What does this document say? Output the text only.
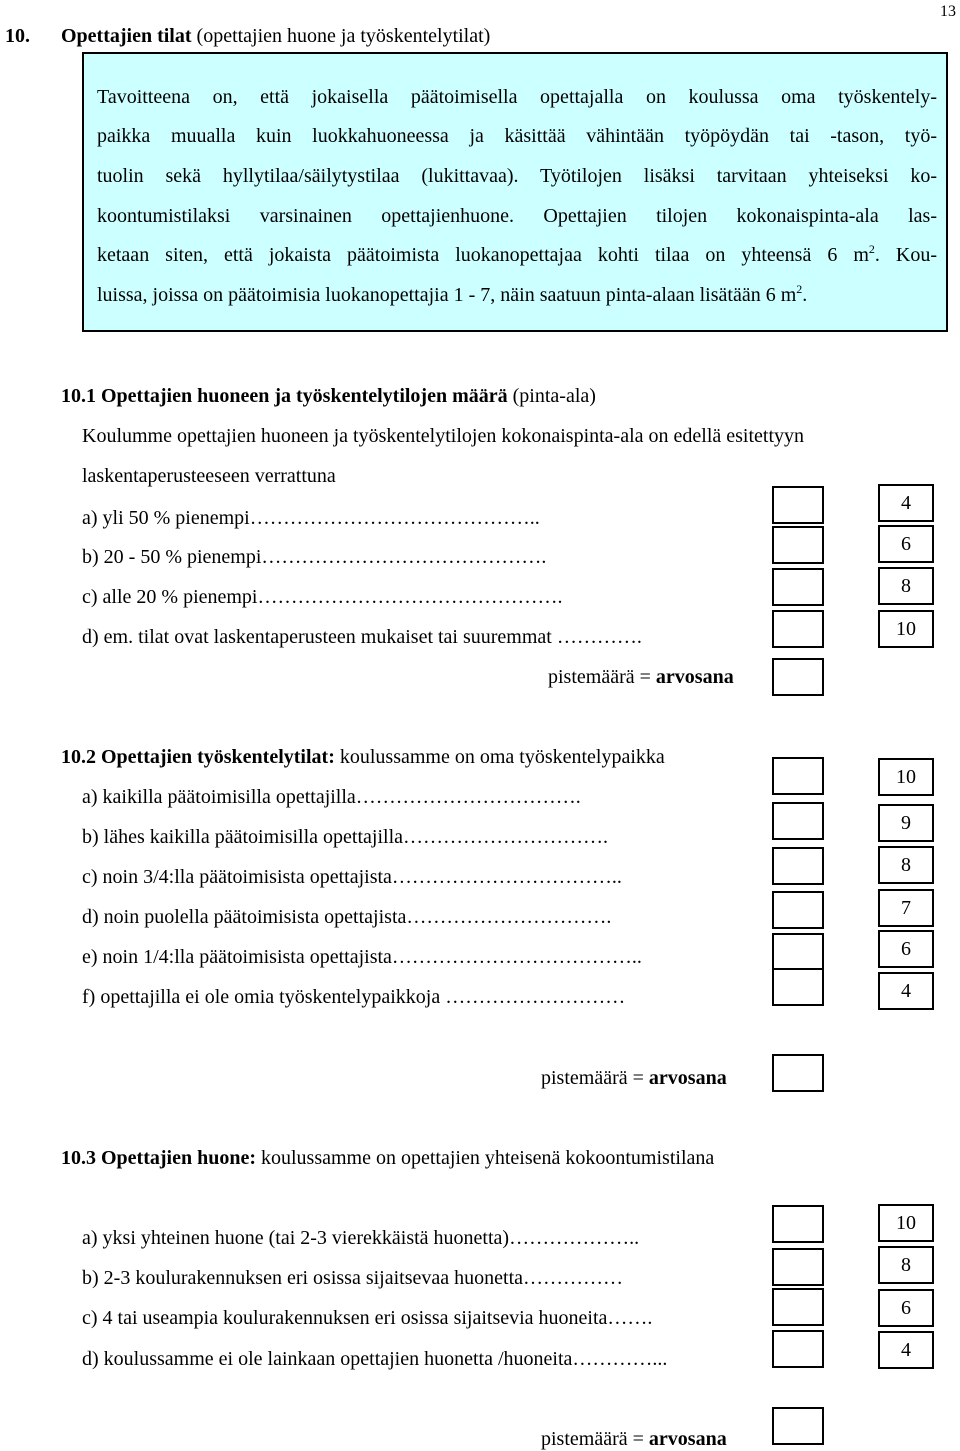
10. Opettajien tilat (opettajien huone ja työskentelytilat)
13
Tavoitteena on, että jokaisella päätoimisella opettajalla on koulussa oma työskentely-
paikka muualla kuin luokkahuoneessa ja käsittää vähintään työpöydän tai -tason, työ-
tuolin sekä hyllytilaa/säilytystilaa (lukittavaa). Työtilojen lisäksi tarvitaan yhteiseksi ko-
koontumistilaksi varsinainen opettajienhuone. Opettajien tilojen kokonaispinta-ala las-
ketaan siten, että jokaista päätoimista luokanopettajaa kohti tilaa on yhteensä 6 $m^2$. Kou-
luissa, joissa on päätoimisia luokanopettajia 1 - 7, näin saatuun pinta-alaan lisätään 6 $m^2$.
10.1 Opettajien huoneen ja työskentelytilojen määrä (pinta-ala)
Koulumme opettajien huoneen ja työskentelytilojen kokonaispinta-ala on edellä esitettyyn
laskentaperusteeseen verrattuna
a) yli 50 % pienempi……………………………………..
b) 20 - 50 % pienempi…………………………………….
c) alle 20 % pienempi……………………………………….
d) em. tilat ovat laskentaperusteen mukaiset tai suuremmat ………….
4
6
8
10
pistemäärä = arvosana
10.2 Opettajien työskentelytilat: koulussamme on oma työskentelypaikka
a) kaikilla päätoimisilla opettajilla…………………………….
b) lähes kaikilla päätoimisilla opettajilla………………………….
c) noin 3/4:lla päätoimisista opettajista……………………………..
d) noin puolella päätoimisista opettajista………………………….
e) noin 1/4:lla päätoimisista opettajista………………………………..
f) opettajilla ei ole omia työskentelypaikkoja ………………………
10
9
8
7
6
4
pistemäärä = arvosana
10.3 Opettajien huone: koulussamme on opettajien yhteisenä kokoontumistilana
a) yksi yhteinen huone (tai 2-3 vierekkäistä huonetta)………………..
b) 2-3 koulurakennuksen eri osissa sijaitsevaa huonetta……………
c) 4 tai useampia koulurakennuksen eri osissa sijaitsevia huoneita…….
d) koulussamme ei ole lainkaan opettajien huonetta /huoneita…………...
10
8
6
4
pistemäärä = arvosana
